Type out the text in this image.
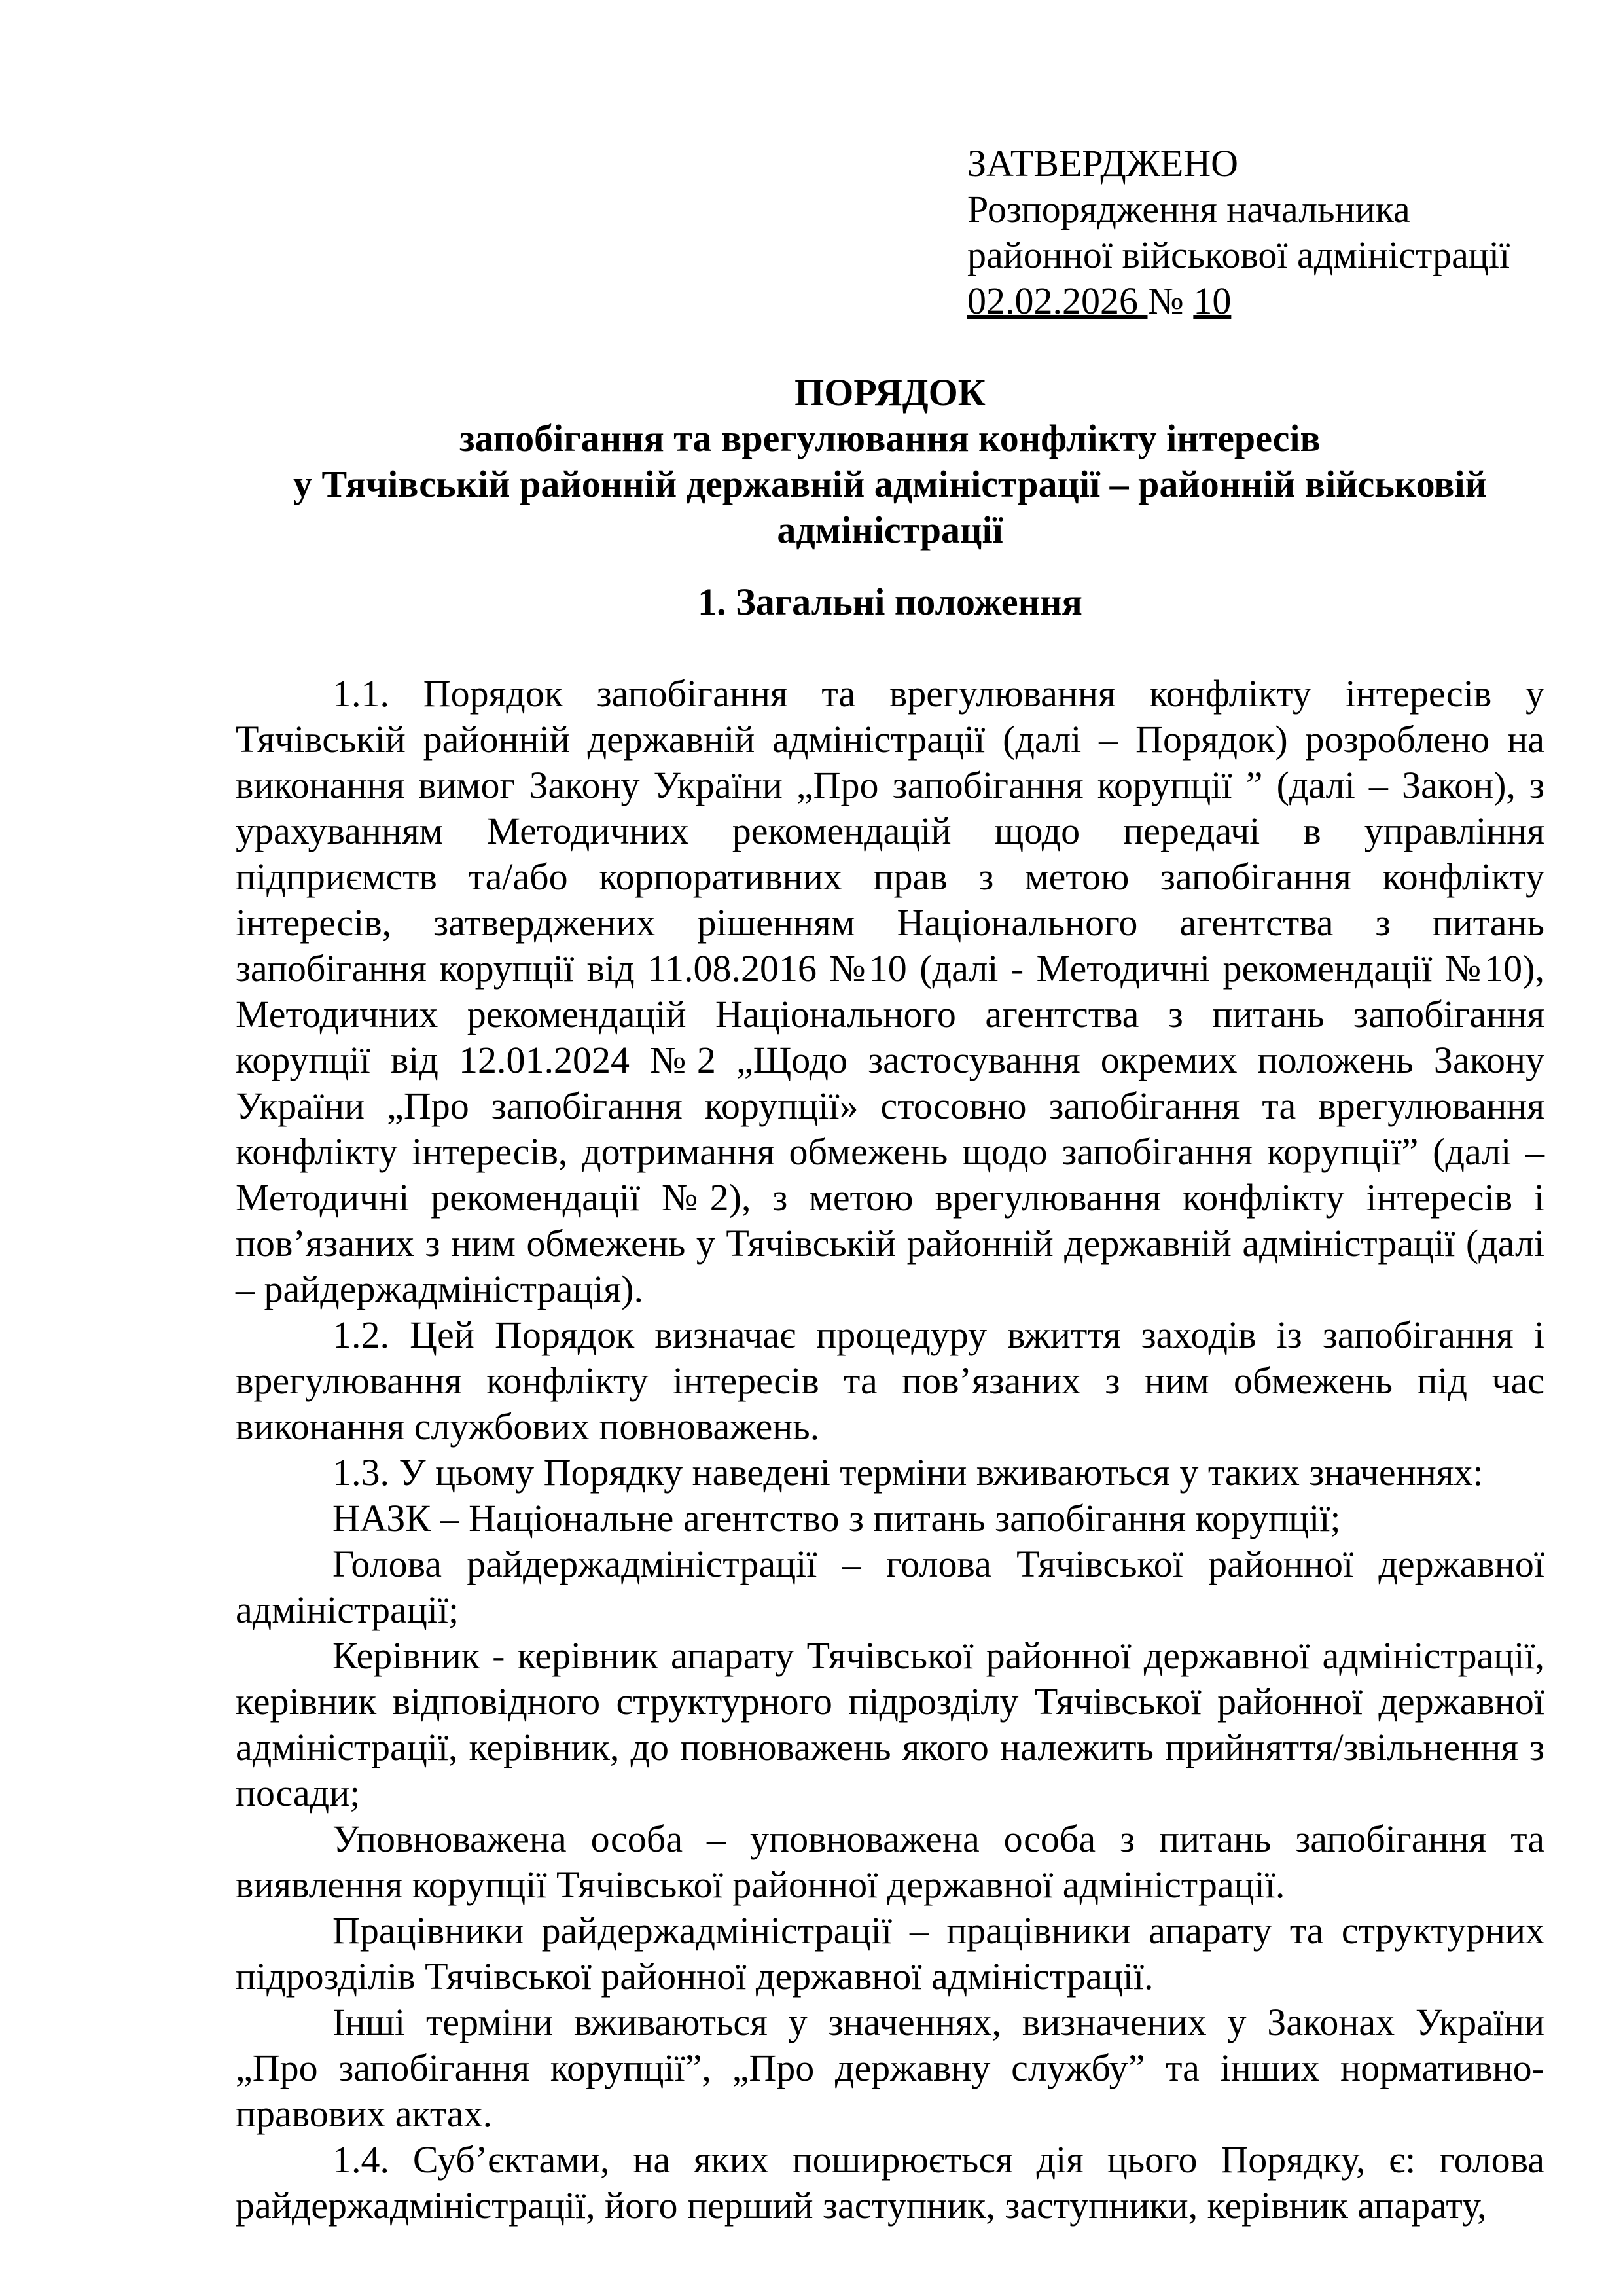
ЗАТВЕРДЖЕНО
Розпорядження начальника
районної військової адміністрації
02.02.2026 № 10
ПОРЯДОК
запобігання та врегулювання конфлікту інтересів
у Тячівській районній державній адміністрації – районній військовій
адміністрації
1. Загальні положення

1.1. Порядок запобігання та врегулювання конфлікту інтересів у Тячівській районній державній адміністрації (далі – Порядок) розроблено на виконання вимог Закону України „Про запобігання корупції ” (далі – Закон), з урахуванням Методичних рекомендацій щодо передачі в управління підприємств та/або корпоративних прав з метою запобігання конфлікту інтересів, затверджених рішенням Національного агентства з питань запобігання корупції від 11.08.2016 №10 (далі - Методичні рекомендації №10), Методичних рекомендацій Національного агентства з питань запобігання корупції від 12.01.2024 №2 „Щодо застосування окремих положень Закону України „Про запобігання корупції» стосовно запобігання та врегулювання конфлікту інтересів, дотримання обмежень щодо запобігання корупції” (далі – Методичні рекомендації №2), з метою врегулювання конфлікту інтересів і пов’язаних з ним обмежень у Тячівській районній державній адміністрації (далі – райдержадміністрація).

1.2. Цей Порядок визначає процедуру вжиття заходів із запобігання і врегулювання конфлікту інтересів та пов’язаних з ним обмежень під час виконання службових повноважень.

1.3. У цьому Порядку наведені терміни вживаються у таких значеннях:

НАЗК – Національне агентство з питань запобігання корупції;

Голова райдержадміністрації – голова Тячівської районної державної адміністрації;

Керівник - керівник апарату Тячівської районної державної адміністрації, керівник відповідного структурного підрозділу Тячівської районної державної адміністрації, керівник, до повноважень якого належить прийняття/звільнення з посади;

Уповноважена особа – уповноважена особа з питань запобігання та виявлення корупції Тячівської районної державної адміністрації.

Працівники райдержадміністрації – працівники апарату та структурних підрозділів Тячівської районної державної адміністрації.

Інші терміни вживаються у значеннях, визначених у Законах України „Про запобігання корупції”, „Про державну службу” та інших нормативно-правових актах.

1.4. Суб’єктами, на яких поширюється дія цього Порядку, є: голова райдержадміністрації, його перший заступник, заступники, керівник апарату,
